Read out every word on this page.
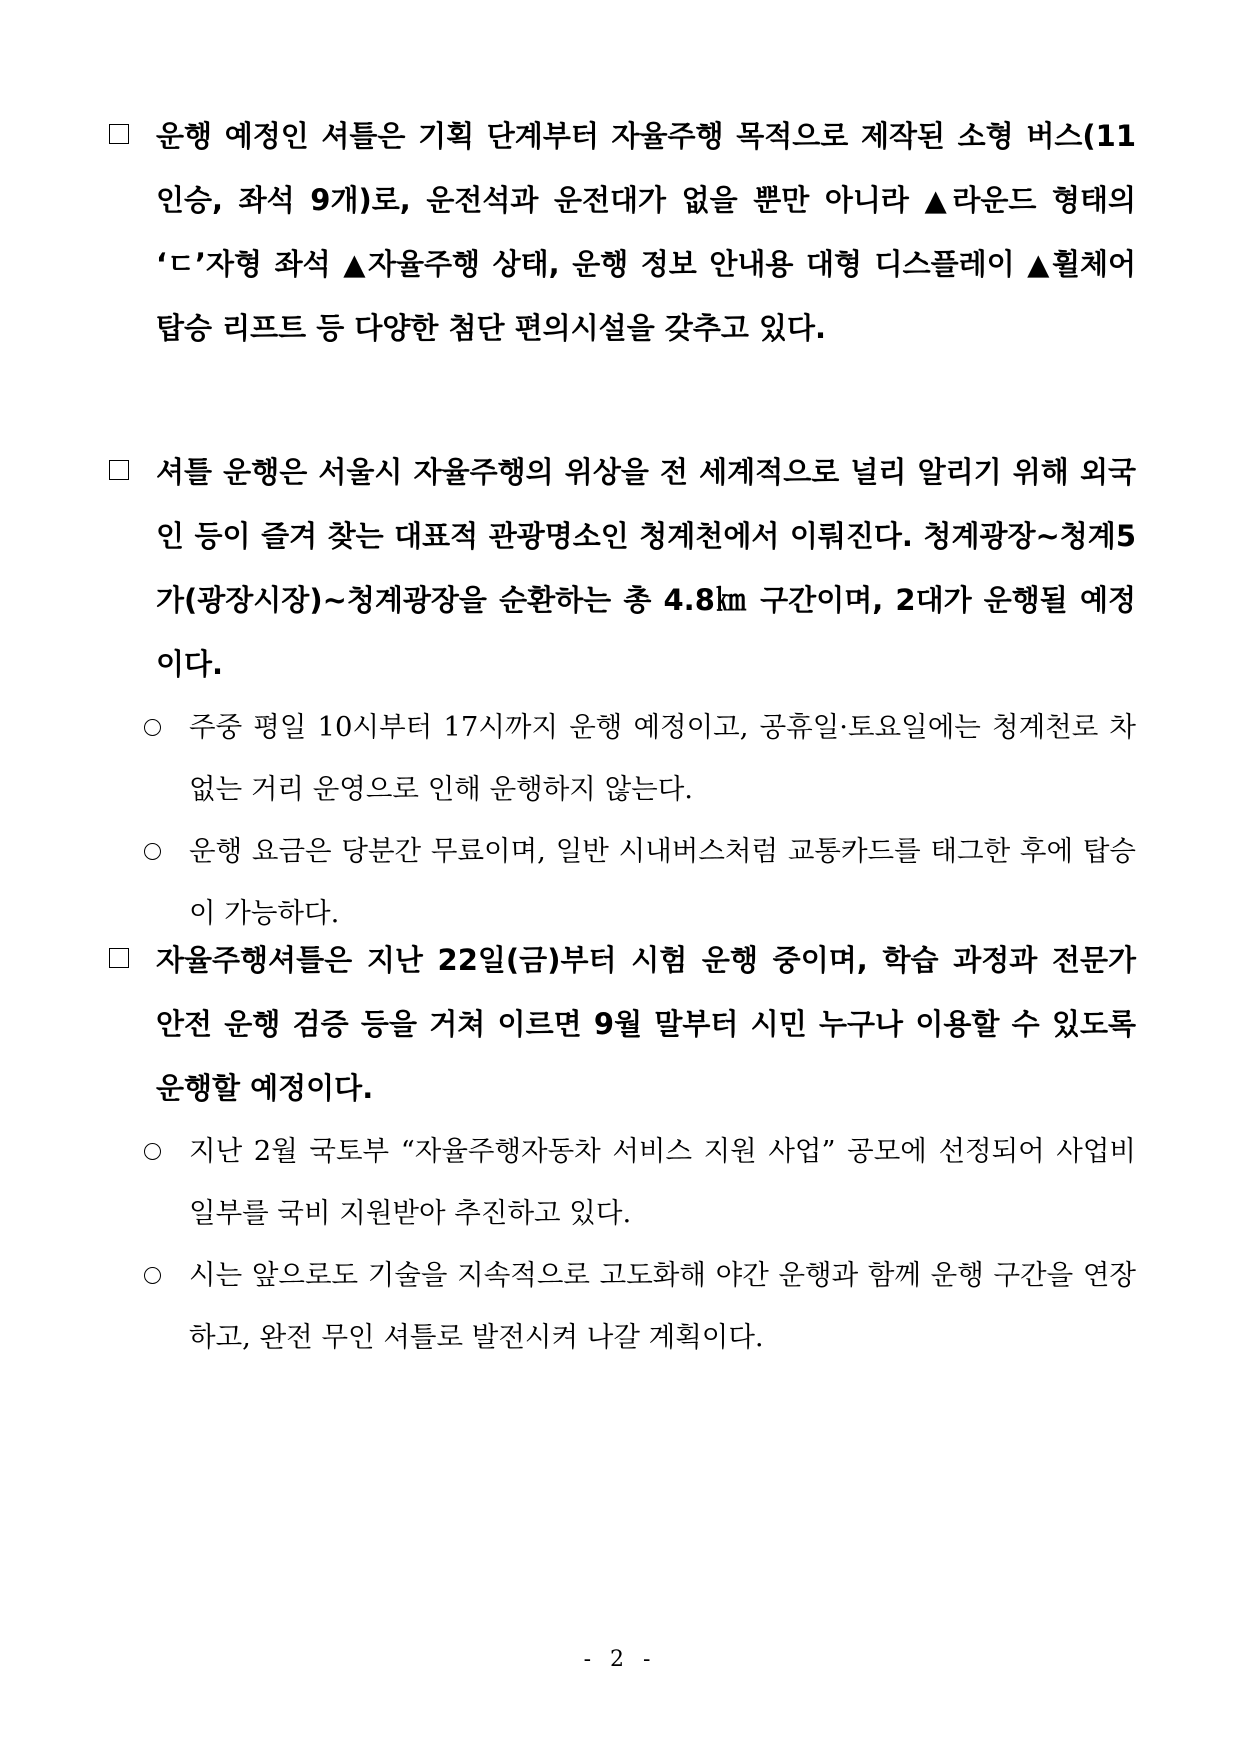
운행 예정인 셔틀은 기획 단계부터 자율주행 목적으로 제작된 소형 버스(11인승, 좌석 9개)로, 운전석과 운전대가 없을 뿐만 아니라 ▲라운드 형태의 ‘ㄷ’자형 좌석 ▲자율주행 상태, 운행 정보 안내용 대형 디스플레이 ▲휠체어 탑승 리프트 등 다양한 첨단 편의시설을 갖추고 있다.
셔틀 운행은 서울시 자율주행의 위상을 전 세계적으로 널리 알리기 위해 외국인 등이 즐겨 찾는 대표적 관광명소인 청계천에서 이뤄진다. 청계광장~청계5가(광장시장)~청계광장을 순환하는 총 4.8㎞ 구간이며, 2대가 운행될 예정이다.
주중 평일 10시부터 17시까지 운행 예정이고, 공휴일·토요일에는 청계천로 차 없는 거리 운영으로 인해 운행하지 않는다.
운행 요금은 당분간 무료이며, 일반 시내버스처럼 교통카드를 태그한 후에 탑승이 가능하다.
자율주행셔틀은 지난 22일(금)부터 시험 운행 중이며, 학습 과정과 전문가 안전 운행 검증 등을 거쳐 이르면 9월 말부터 시민 누구나 이용할 수 있도록 운행할 예정이다.
지난 2월 국토부 “자율주행자동차 서비스 지원 사업” 공모에 선정되어 사업비 일부를 국비 지원받아 추진하고 있다.
시는 앞으로도 기술을 지속적으로 고도화해 야간 운행과 함께 운행 구간을 연장하고, 완전 무인 셔틀로 발전시켜 나갈 계획이다.
- 2 -
